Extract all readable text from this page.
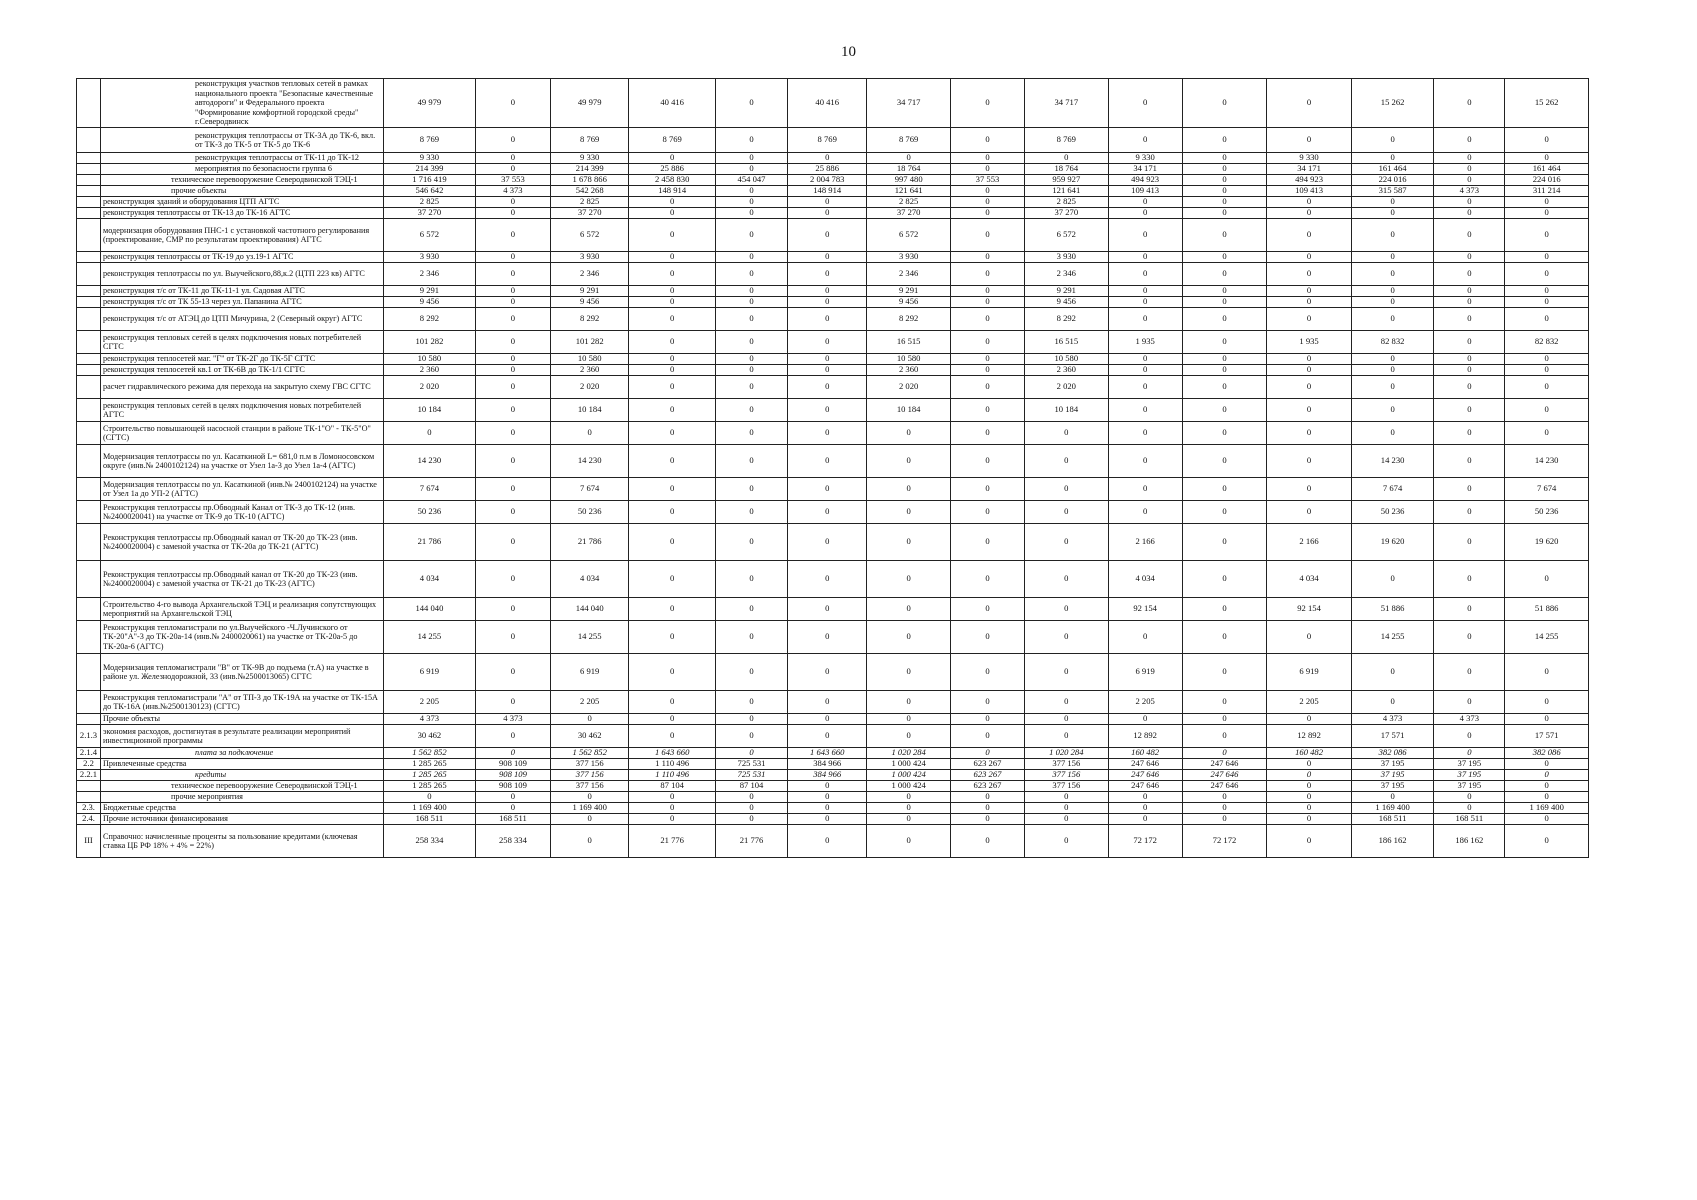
10
	реконструкция участков тепловых сетей в рамках национального проекта "Безопасные качественные автодороги" и Федерального проекта "Формирование комфортной городской среды" г.Северодвинск	49 979	0	49 979	40 416	0	40 416	34 717	0	34 717	0	0	0	15 262	0	15 262
	реконструкция теплотрассы от ТК-3А до ТК-6, вкл. от ТК-3 до ТК-5 от ТК-5 до ТК-6	8 769	0	8 769	8 769	0	8 769	8 769	0	8 769	0	0	0	0	0	0
	реконструкция теплотрассы от ТК-11 до ТК-12	9 330	0	9 330	0	0	0	0	0	0	9 330	0	9 330	0	0	0
	мероприятия по безопасности группа 6	214 399	0	214 399	25 886	0	25 886	18 764	0	18 764	34 171	0	34 171	161 464	0	161 464
	техническое перевооружение Северодвинской ТЭЦ-1	1 716 419	37 553	1 678 866	2 458 830	454 047	2 004 783	997 480	37 553	959 927	494 923	0	494 923	224 016	0	224 016
	прочие объекты	546 642	4 373	542 268	148 914	0	148 914	121 641	0	121 641	109 413	0	109 413	315 587	4 373	311 214
	реконструкция зданий и оборудования ЦТП АГТС	2 825	0	2 825	0	0	0	2 825	0	2 825	0	0	0	0	0	0
	реконструкция теплотрассы от ТК-13 до ТК-16 АГТС	37 270	0	37 270	0	0	0	37 270	0	37 270	0	0	0	0	0	0
	модернизация оборудования ПНС-1 с установкой частотного регулирования (проектирование, СМР по результатам проектирования) АГТС	6 572	0	6 572	0	0	0	6 572	0	6 572	0	0	0	0	0	0
	реконструкция теплотрассы от ТК-19 до уз.19-1 АГТС	3 930	0	3 930	0	0	0	3 930	0	3 930	0	0	0	0	0	0
	реконструкция теплотрассы по ул. Выучейского,88,к.2 (ЦТП 223 кв) АГТС	2 346	0	2 346	0	0	0	2 346	0	2 346	0	0	0	0	0	0
	реконструкция т/с от ТК-11 до ТК-11-1 ул. Садовая АГТС	9 291	0	9 291	0	0	0	9 291	0	9 291	0	0	0	0	0	0
	реконструкция т/с от ТК 55-13 через ул. Папанина АГТС	9 456	0	9 456	0	0	0	9 456	0	9 456	0	0	0	0	0	0
	реконструкция т/с от АТЭЦ до ЦТП Мичурина, 2 (Северный округ) АГТС	8 292	0	8 292	0	0	0	8 292	0	8 292	0	0	0	0	0	0
	реконструкция тепловых сетей в целях подключения новых потребителей СГТС	101 282	0	101 282	0	0	0	16 515	0	16 515	1 935	0	1 935	82 832	0	82 832
	реконструкция теплосетей маг. "Г" от ТК-2Г до ТК-5Г СГТС	10 580	0	10 580	0	0	0	10 580	0	10 580	0	0	0	0	0	0
	реконструкция теплосетей кв.1 от ТК-6В до ТК-1/1 СГТС	2 360	0	2 360	0	0	0	2 360	0	2 360	0	0	0	0	0	0
	расчет гидравлического режима для перехода на закрытую схему ГВС СГТС	2 020	0	2 020	0	0	0	2 020	0	2 020	0	0	0	0	0	0
	реконструкция тепловых сетей в целях подключения новых потребителей АГТС	10 184	0	10 184	0	0	0	10 184	0	10 184	0	0	0	0	0	0
	Строительство повышающей насосной станции в районе ТК-1"О" - ТК-5"О" (СГТС)	0	0	0	0	0	0	0	0	0	0	0	0	0	0	0
	Модернизация теплотрассы по ул. Касаткиной L= 681,0 п.м в Ломоносовском округе (инв.№ 2400102124) на участке от Узел 1а-3 до Узел 1а-4 (АГТС)	14 230	0	14 230	0	0	0	0	0	0	0	0	0	14 230	0	14 230
	Модернизация теплотрассы по ул. Касаткиной (инв.№ 2400102124) на участке от Узел 1а до УП-2 (АГТС)	7 674	0	7 674	0	0	0	0	0	0	0	0	0	7 674	0	7 674
	Реконструкция теплотрассы пр.Обводный Канал от ТК-3 до ТК-12 (инв.№2400020041) на участке от ТК-9 до ТК-10 (АГТС)	50 236	0	50 236	0	0	0	0	0	0	0	0	0	50 236	0	50 236
	Реконструкция теплотрассы пр.Обводный канал от ТК-20 до ТК-23 (инв.№2400020004) с заменой участка от ТК-20а до ТК-21 (АГТС)	21 786	0	21 786	0	0	0	0	0	0	2 166	0	2 166	19 620	0	19 620
	Реконструкция теплотрассы пр.Обводный канал от ТК-20 до ТК-23 (инв.№2400020004) с заменой участка от ТК-21 до ТК-23 (АГТС)	4 034	0	4 034	0	0	0	0	0	0	4 034	0	4 034	0	0	0
	Строительство 4-го вывода Архангельской ТЭЦ и реализация сопутствующих мероприятий на Архангельской ТЭЦ	144 040	0	144 040	0	0	0	0	0	0	92 154	0	92 154	51 886	0	51 886
	Реконструкция тепломагистрали по ул.Выучейского -Ч.Лучинского от ТК-20"А"-3 до ТК-20а-14 (инв.№ 2400020061) на участке от ТК-20а-5 до ТК-20а-6 (АГТС)	14 255	0	14 255	0	0	0	0	0	0	0	0	0	14 255	0	14 255
	Модернизация тепломагистрали "В" от ТК-9В до подъема (т.А) на участке в районе ул. Железнодорожной, 33 (инв.№2500013065) СГТС	6 919	0	6 919	0	0	0	0	0	0	6 919	0	6 919	0	0	0
	Реконструкция тепломагистрали "А" от ТП-3 до ТК-19А на участке от ТК-15А до ТК-16А (инв.№2500130123) (СГТС)	2 205	0	2 205	0	0	0	0	0	0	2 205	0	2 205	0	0	0
	Прочие объекты	4 373	4 373	0	0	0	0	0	0	0	0	0	0	4 373	4 373	0
2.1.3	экономия расходов, достигнутая в результате реализации мероприятий инвестиционной программы	30 462	0	30 462	0	0	0	0	0	0	12 892	0	12 892	17 571	0	17 571
2.1.4	плата за подключение	1 562 852	0	1 562 852	1 643 660	0	1 643 660	1 020 284	0	1 020 284	160 482	0	160 482	382 086	0	382 086
2.2	Привлеченные средства	1 285 265	908 109	377 156	1 110 496	725 531	384 966	1 000 424	623 267	377 156	247 646	247 646	0	37 195	37 195	0
2.2.1	кредиты	1 285 265	908 109	377 156	1 110 496	725 531	384 966	1 000 424	623 267	377 156	247 646	247 646	0	37 195	37 195	0
	техническое перевооружение Северодвинской ТЭЦ-1	1 285 265	908 109	377 156	87 104	87 104	0	1 000 424	623 267	377 156	247 646	247 646	0	37 195	37 195	0
	прочие мероприятия	0	0	0	0	0	0	0	0	0	0	0	0	0	0	0
2.3.	Бюджетные средства	1 169 400	0	1 169 400	0	0	0	0	0	0	0	0	0	1 169 400	0	1 169 400
2.4.	Прочие источники финансирования	168 511	168 511	0	0	0	0	0	0	0	0	0	0	168 511	168 511	0
III	Справочно: начисленные проценты за пользование кредитами (ключевая ставка ЦБ РФ 18% + 4% = 22%)	258 334	258 334	0	21 776	21 776	0	0	0	0	72 172	72 172	0	186 162	186 162	0
